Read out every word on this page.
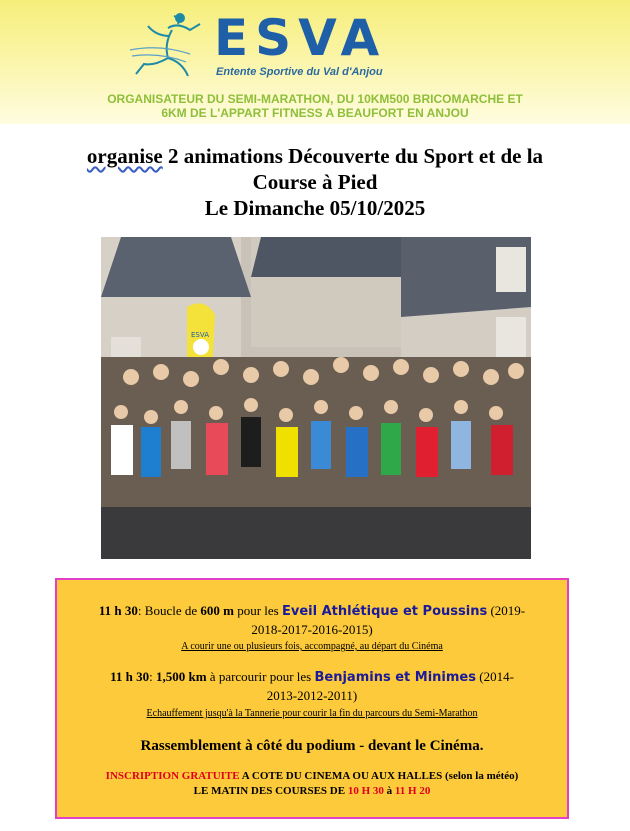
ESVA
Entente Sportive du Val d'Anjou
ORGANISATEUR DU SEMI-MARATHON, DU 10KM500 BRICOMARCHE ET
6KM DE L'APPART FITNESS A BEAUFORT EN ANJOU
organise 2 animations Découverte du Sport et de la
Course à Pied
Le Dimanche 05/10/2025
ESVA
11 h 30: Boucle de 600 m pour les Eveil Athlétique et Poussins (2019-
2018-2017-2016-2015)
A courir une ou plusieurs fois, accompagné, au départ du Cinéma
11 h 30: 1,500 km à parcourir pour les Benjamins et Minimes (2014-
2013-2012-2011)
Echauffement jusqu'à la Tannerie pour courir la fin du parcours du Semi-Marathon
Rassemblement à côté du podium - devant le Cinéma.
INSCRIPTION GRATUITE A COTE DU CINEMA OU AUX HALLES (selon la météo)
LE MATIN DES COURSES DE 10 H 30 à 11 H 20
